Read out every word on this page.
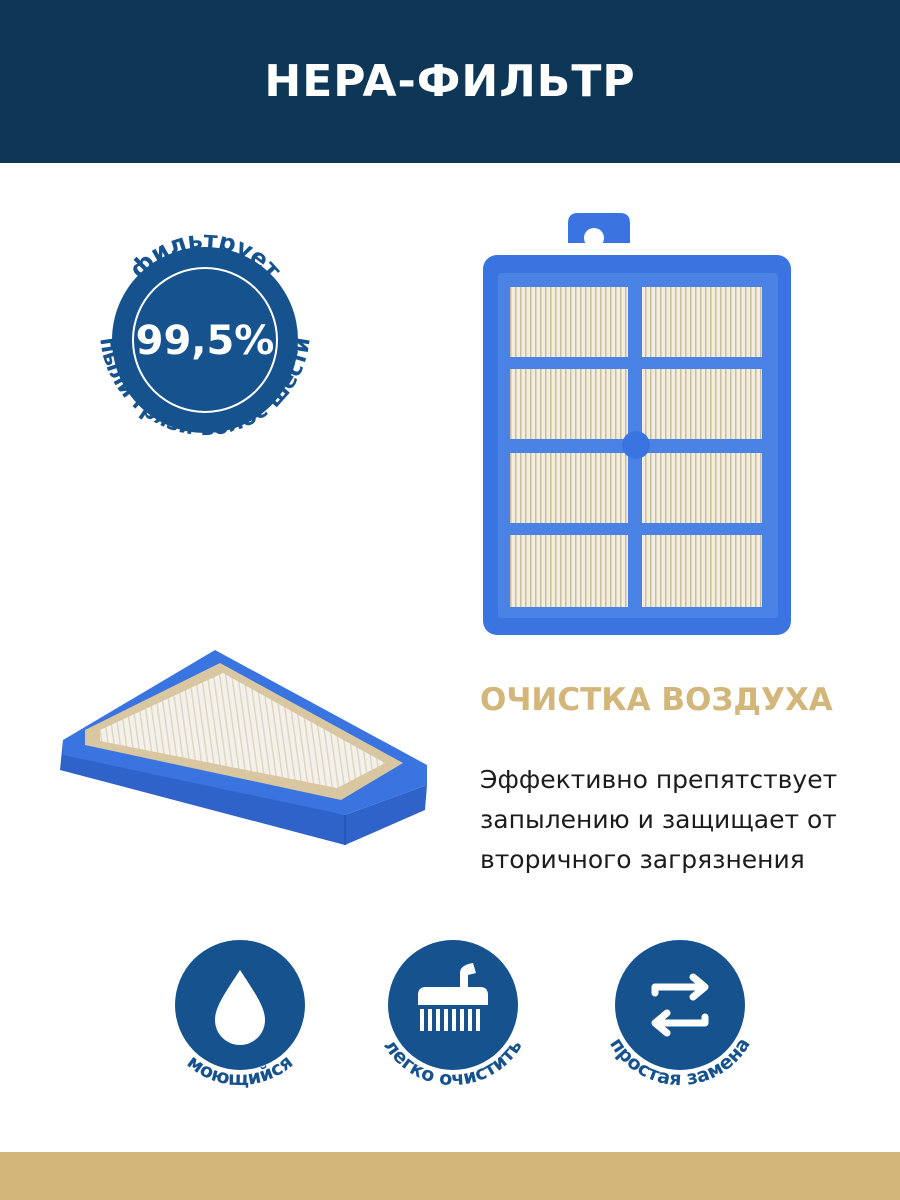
HEPA-ФИЛЬТР
99,5%
фильтрует
пыли грязи волос шести
ОЧИСТКА ВОЗДУХА

Эффективно препятствует
запылению и защищает от
вторичного загрязнения

моющийся
легко очистить	простая замена
